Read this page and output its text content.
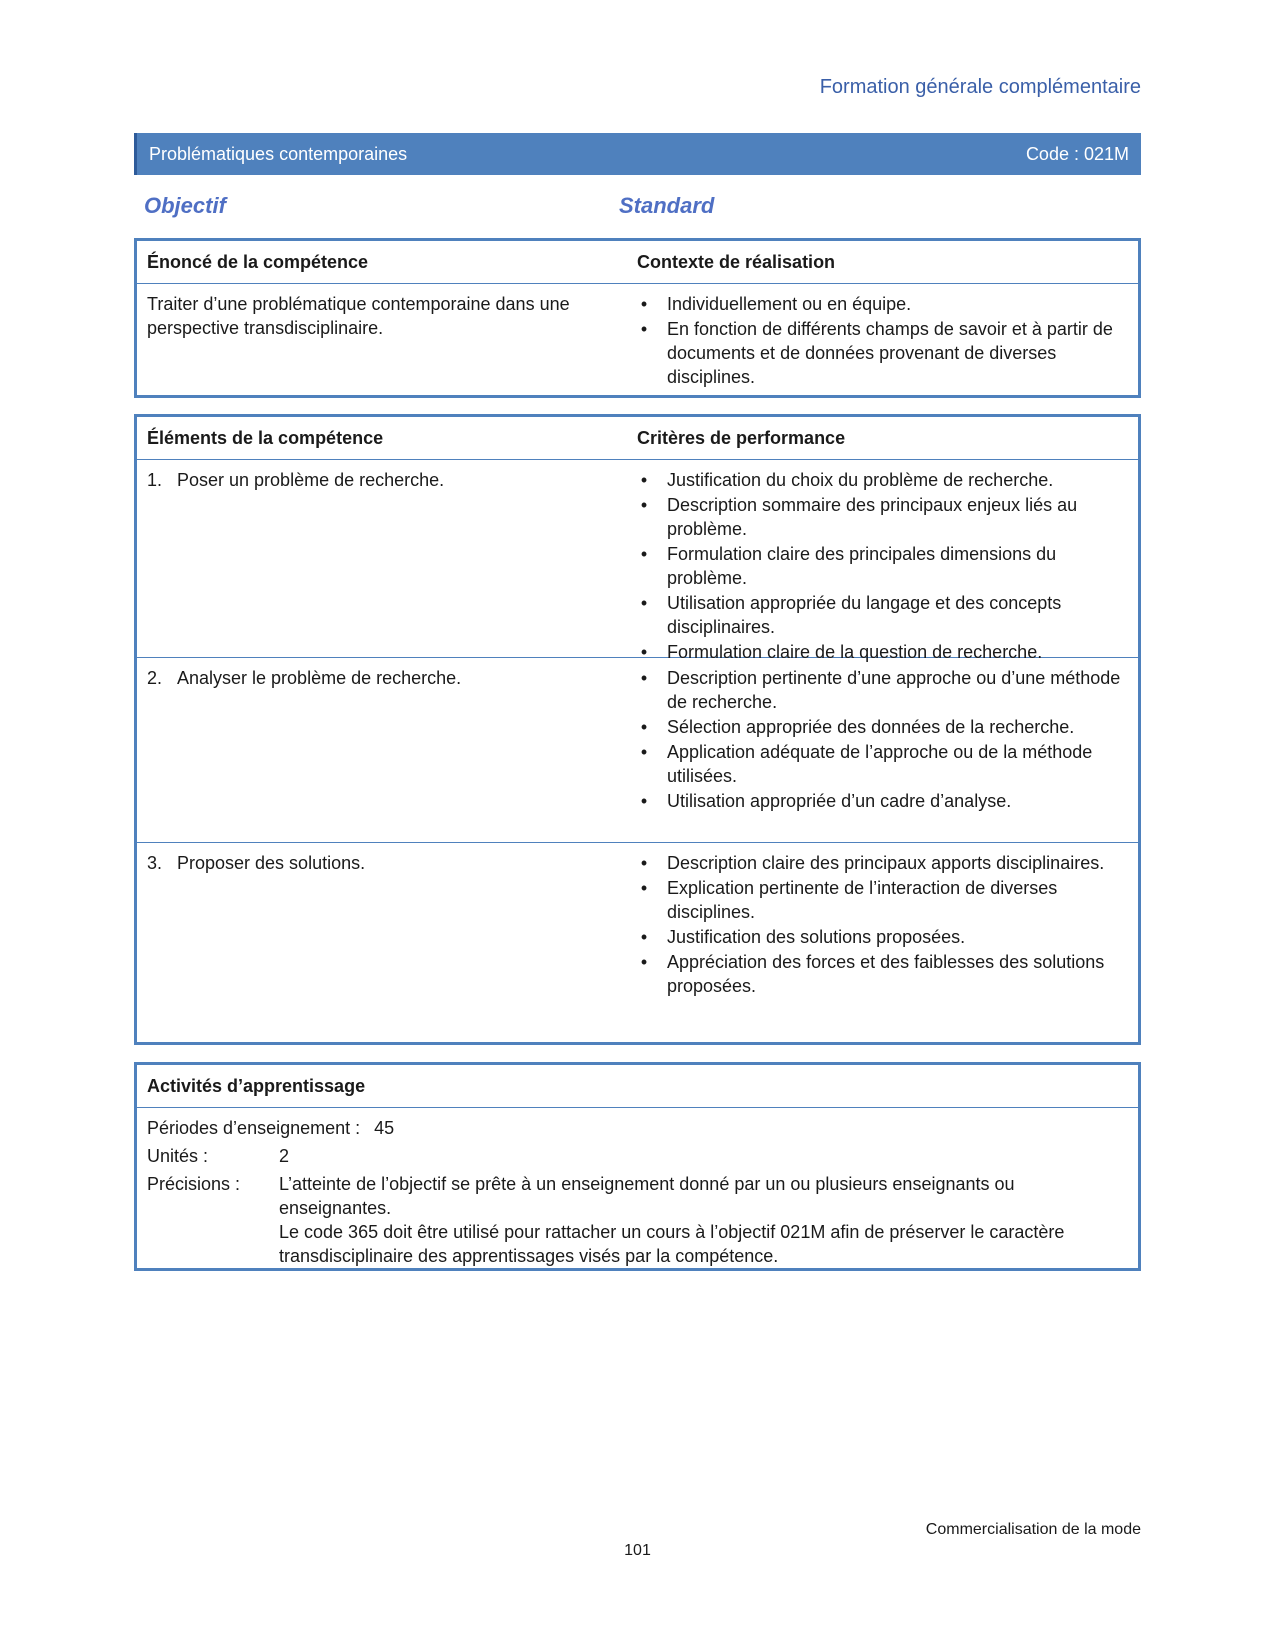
Formation générale complémentaire
Problématiques contemporaines	Code : 021M
Objectif	Standard
Énoncé de la compétence	Contexte de réalisation
Traiter d’une problématique contemporaine dans une perspective transdisciplinaire.
• Individuellement ou en équipe.
• En fonction de différents champs de savoir et à partir de documents et de données provenant de diverses disciplines.
Éléments de la compétence	Critères de performance
1. Poser un problème de recherche.	• Justification du choix du problème de recherche.
• Description sommaire des principaux enjeux liés au problème.
• Formulation claire des principales dimensions du problème.
• Utilisation appropriée du langage et des concepts disciplinaires.
• Formulation claire de la question de recherche.
2. Analyser le problème de recherche.	• Description pertinente d’une approche ou d’une méthode de recherche.
• Sélection appropriée des données de la recherche.
• Application adéquate de l’approche ou de la méthode utilisées.
• Utilisation appropriée d’un cadre d’analyse.
3. Proposer des solutions.	• Description claire des principaux apports disciplinaires.
• Explication pertinente de l’interaction de diverses disciplines.
• Justification des solutions proposées.
• Appréciation des forces et des faiblesses des solutions proposées.
Activités d’apprentissage
Périodes d’enseignement : 45
Unités :	2
Précisions :	L’atteinte de l’objectif se prête à un enseignement donné par un ou plusieurs enseignants ou enseignantes.
Le code 365 doit être utilisé pour rattacher un cours à l’objectif 021M afin de préserver le caractère transdisciplinaire des apprentissages visés par la compétence.
Commercialisation de la mode
101
